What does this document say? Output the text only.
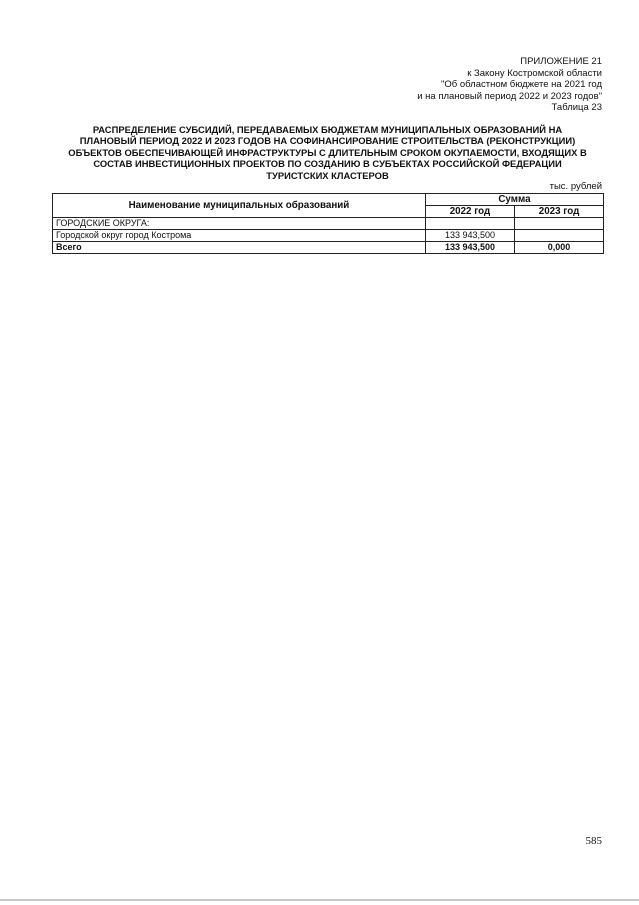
ПРИЛОЖЕНИЕ 21
к Закону Костромской области
"Об областном бюджете на 2021 год
и на плановый период 2022 и 2023 годов"
Таблица 23
РАСПРЕДЕЛЕНИЕ СУБСИДИЙ, ПЕРЕДАВАЕМЫХ БЮДЖЕТАМ МУНИЦИПАЛЬНЫХ ОБРАЗОВАНИЙ НА
ПЛАНОВЫЙ ПЕРИОД 2022 И 2023 ГОДОВ НА СОФИНАНСИРОВАНИЕ СТРОИТЕЛЬСТВА (РЕКОНСТРУКЦИИ)
ОБЪЕКТОВ ОБЕСПЕЧИВАЮЩЕЙ ИНФРАСТРУКТУРЫ С ДЛИТЕЛЬНЫМ СРОКОМ ОКУПАЕМОСТИ, ВХОДЯЩИХ В
СОСТАВ ИНВЕСТИЦИОННЫХ ПРОЕКТОВ ПО СОЗДАНИЮ В СУБЪЕКТАХ РОССИЙСКОЙ ФЕДЕРАЦИИ
ТУРИСТСКИХ КЛАСТЕРОВ
тыс. рублей
Наименование муниципальных образований	Сумма	
	2022 год	2023 год
ГОРОДСКИЕ ОКРУГА:		
Городской округ город Кострома	133 943,500	
Всего	133 943,500	0,000
585
